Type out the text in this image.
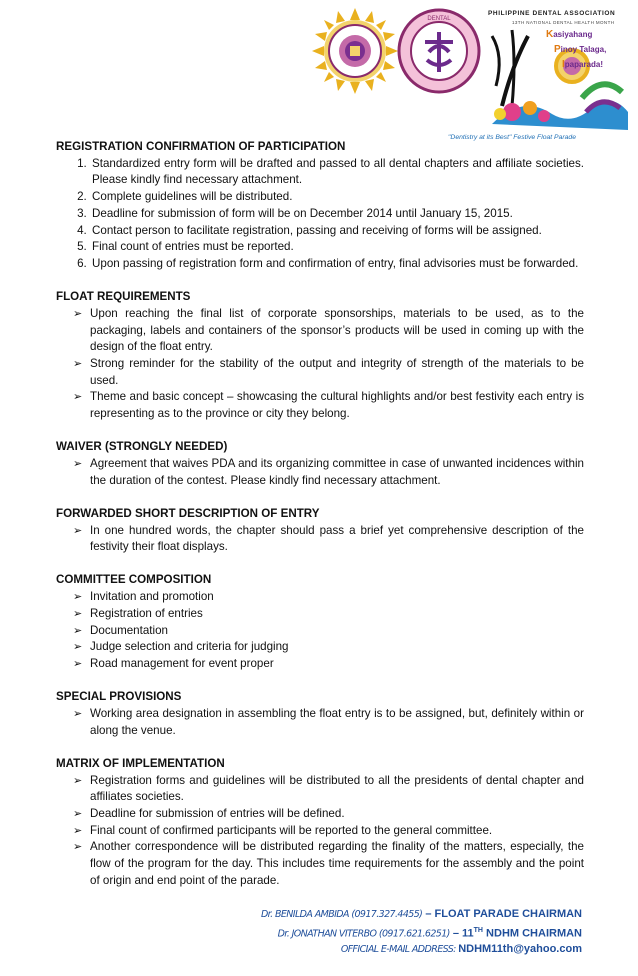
DENTAL
PHILIPPINE DENTAL ASSOCIATION
13TH NATIONAL DENTAL HEALTH MONTH
Kasiyahang
Pinoy Talaga,
Ipaparada!
"Dentistry at its Best" Festive Float Parade

REGISTRATION CONFIRMATION OF PARTICIPATION

1. Standardized entry form will be drafted and passed to all dental chapters and affiliate societies. Please kindly find necessary attachment.
2. Complete guidelines will be distributed.
3. Deadline for submission of form will be on December 2014 until January 15, 2015.
4. Contact person to facilitate registration, passing and receiving of forms will be assigned.
5. Final count of entries must be reported.
6. Upon passing of registration form and confirmation of entry, final advisories must be forwarded.

FLOAT REQUIREMENTS

➢ Upon reaching the final list of corporate sponsorships, materials to be used, as to the packaging, labels and containers of the sponsor’s products will be used in coming up with the design of the float entry.
➢ Strong reminder for the stability of the output and integrity of strength of the materials to be used.
➢ Theme and basic concept – showcasing the cultural highlights and/or best festivity each entry is representing as to the province or city they belong.

WAIVER (STRONGLY NEEDED)

➢ Agreement that waives PDA and its organizing committee in case of unwanted incidences within the duration of the contest. Please kindly find necessary attachment.

FORWARDED SHORT DESCRIPTION OF ENTRY

➢ In one hundred words, the chapter should pass a brief yet comprehensive description of the festivity their float displays.

COMMITTEE COMPOSITION

➢ Invitation and promotion
➢ Registration of entries
➢ Documentation
➢ Judge selection and criteria for judging
➢ Road management for event proper

SPECIAL PROVISIONS

➢ Working area designation in assembling the float entry is to be assigned, but, definitely within or along the venue.

MATRIX OF IMPLEMENTATION

➢ Registration forms and guidelines will be distributed to all the presidents of dental chapter and affiliates societies.
➢ Deadline for submission of entries will be defined.
➢ Final count of confirmed participants will be reported to the general committee.
➢ Another correspondence will be distributed regarding the finality of the matters, especially, the flow of the program for the day. This includes time requirements for the assembly and the point of origin and end point of the parade.
Dr. BENILDA AMBIDA (0917.327.4455) – FLOAT PARADE CHAIRMAN
Dr. JONATHAN VITERBO (0917.621.6251) – 11TH NDHM CHAIRMAN
OFFICIAL E-MAIL ADDRESS: NDHM11th@yahoo.com
